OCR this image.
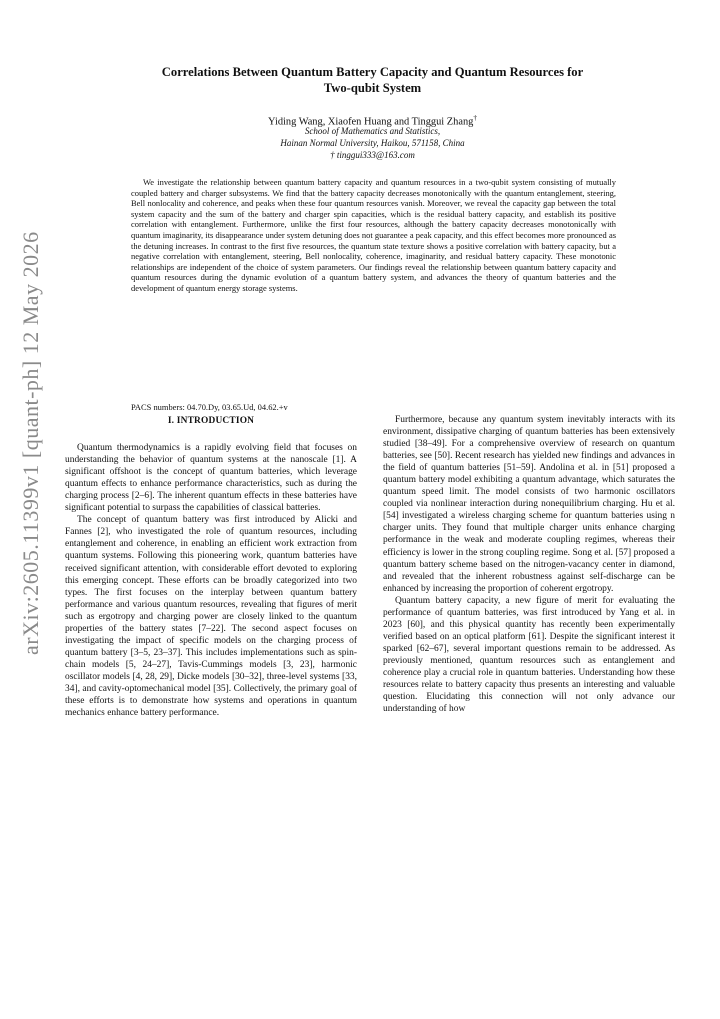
arXiv:2605.11399v1 [quant-ph] 12 May 2026
Correlations Between Quantum Battery Capacity and Quantum Resources for
Two-qubit System
Yiding Wang, Xiaofen Huang and Tinggui Zhang†
School of Mathematics and Statistics,
Hainan Normal University, Haikou, 571158, China
† tinggui333@163.com
We investigate the relationship between quantum battery capacity and quantum resources in a two-qubit system consisting of mutually coupled battery and charger subsystems. We find that the battery capacity decreases monotonically with the quantum entanglement, steering, Bell nonlocality and coherence, and peaks when these four quantum resources vanish. Moreover, we reveal the capacity gap between the total system capacity and the sum of the battery and charger spin capacities, which is the residual battery capacity, and establish its positive correlation with entanglement. Furthermore, unlike the first four resources, although the battery capacity decreases monotonically with quantum imaginarity, its disappearance under system detuning does not guarantee a peak capacity, and this effect becomes more pronounced as the detuning increases. In contrast to the first five resources, the quantum state texture shows a positive correlation with battery capacity, but a negative correlation with entanglement, steering, Bell nonlocality, coherence, imaginarity, and residual battery capacity. These monotonic relationships are independent of the choice of system parameters. Our findings reveal the relationship between quantum battery capacity and quantum resources during the dynamic evolution of a quantum battery system, and advances the theory of quantum batteries and the development of quantum energy storage systems.
PACS numbers: 04.70.Dy, 03.65.Ud, 04.62.+v
I. INTRODUCTION

Quantum thermodynamics is a rapidly evolving field that focuses on understanding the behavior of quantum systems at the nanoscale [1]. A significant offshoot is the concept of quantum batteries, which leverage quantum effects to enhance performance characteristics, such as during the charging process [2–6]. The inherent quantum effects in these batteries have significant potential to surpass the capabilities of classical batteries.

The concept of quantum battery was first introduced by Alicki and Fannes [2], who investigated the role of quantum resources, including entanglement and coherence, in enabling an efficient work extraction from quantum systems. Following this pioneering work, quantum batteries have received significant attention, with considerable effort devoted to exploring this emerging concept. These efforts can be broadly categorized into two types. The first focuses on the interplay between quantum battery performance and various quantum resources, revealing that figures of merit such as ergotropy and charging power are closely linked to the quantum properties of the battery states [7–22]. The second aspect focuses on investigating the impact of specific models on the charging process of quantum battery [3–5, 23–37]. This includes implementations such as spin-chain models [5, 24–27], Tavis-Cummings models [3, 23], harmonic oscillator models [4, 28, 29], Dicke models [30–32], three-level systems [33, 34], and cavity-optomechanical model [35]. Collectively, the primary goal of these efforts is to demonstrate how systems and operations in quantum mechanics enhance battery performance.

Furthermore, because any quantum system inevitably interacts with its environment, dissipative charging of quantum batteries has been extensively studied [38–49]. For a comprehensive overview of research on quantum batteries, see [50]. Recent research has yielded new findings and advances in the field of quantum batteries [51–59]. Andolina et al. in [51] proposed a quantum battery model exhibiting a quantum advantage, which saturates the quantum speed limit. The model consists of two harmonic oscillators coupled via nonlinear interaction during nonequilibrium charging. Hu et al. [54] investigated a wireless charging scheme for quantum batteries using n charger units. They found that multiple charger units enhance charging performance in the weak and moderate coupling regimes, whereas their efficiency is lower in the strong coupling regime. Song et al. [57] proposed a quantum battery scheme based on the nitrogen-vacancy center in diamond, and revealed that the inherent robustness against self-discharge can be enhanced by increasing the proportion of coherent ergotropy.

Quantum battery capacity, a new figure of merit for evaluating the performance of quantum batteries, was first introduced by Yang et al. in 2023 [60], and this physical quantity has recently been experimentally verified based on an optical platform [61]. Despite the significant interest it sparked [62–67], several important questions remain to be addressed. As previously mentioned, quantum resources such as entanglement and coherence play a crucial role in quantum batteries. Understanding how these resources relate to battery capacity thus presents an interesting and valuable question. Elucidating this connection will not only advance our understanding of how
